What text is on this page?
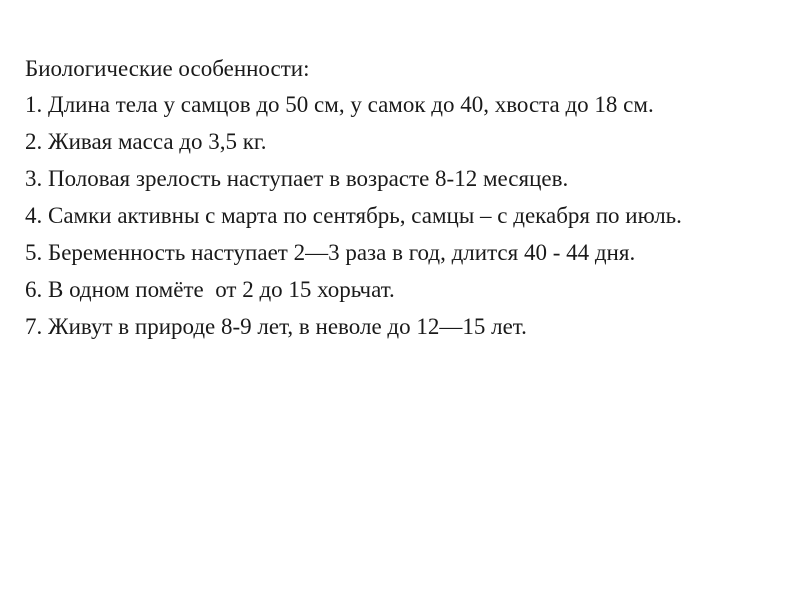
Биологические особенности:
1. Длина тела у самцов до 50 см, у самок до 40, хвоста до 18 см.
2. Живая масса до 3,5 кг.
3. Половая зрелость наступает в возрасте 8-12 месяцев.
4. Самки активны с марта по сентябрь, самцы – с декабря по июль.
5. Беременность наступает 2—3 раза в год, длится 40 - 44 дня.
6. В одном помёте  от 2 до 15 хорьчат.
7. Живут в природе 8-9 лет, в неволе до 12—15 лет.
